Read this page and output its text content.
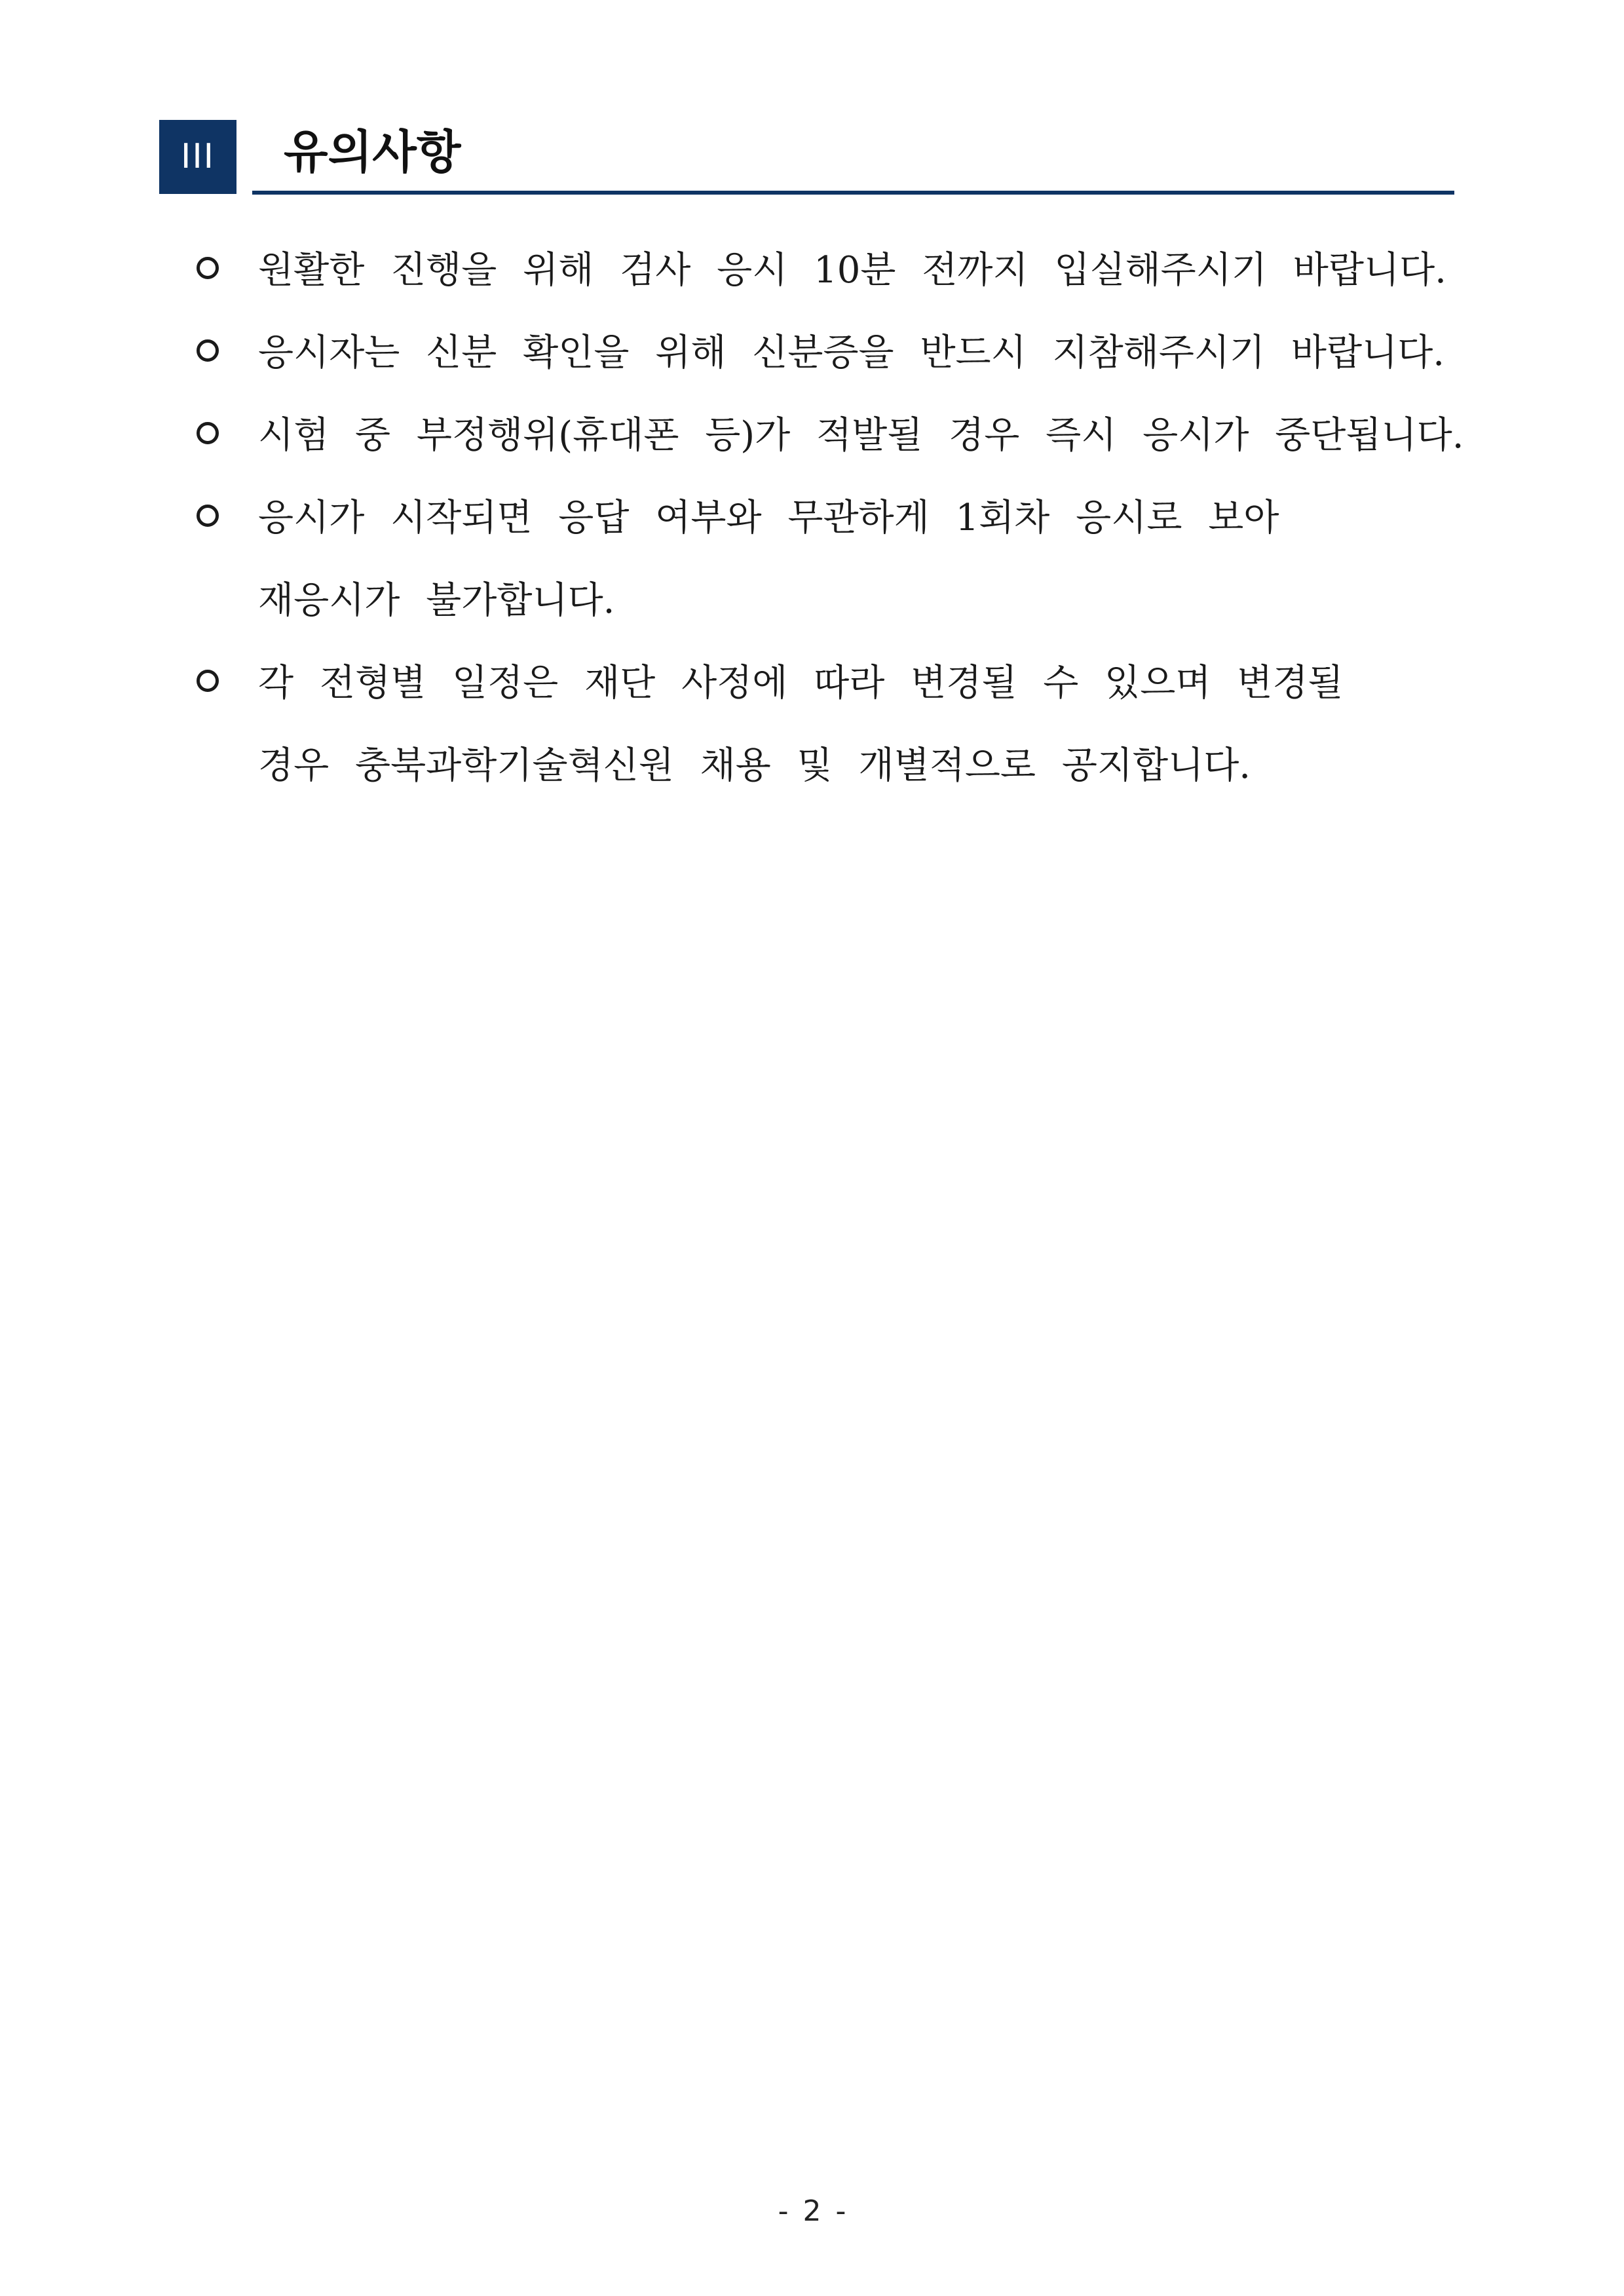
III	유의사항
원활한 진행을 위해 검사 응시 10분 전까지 입실해주시기 바랍니다.
응시자는 신분 확인을 위해 신분증을 반드시 지참해주시기 바랍니다.
시험 중 부정행위(휴대폰 등)가 적발될 경우 즉시 응시가 중단됩니다.
응시가 시작되면 응답 여부와 무관하게 1회차 응시로 보아
재응시가 불가합니다.
각 전형별 일정은 재단 사정에 따라 변경될 수 있으며 변경될
경우 충북과학기술혁신원 채용 및 개별적으로 공지합니다.
- 2 -
